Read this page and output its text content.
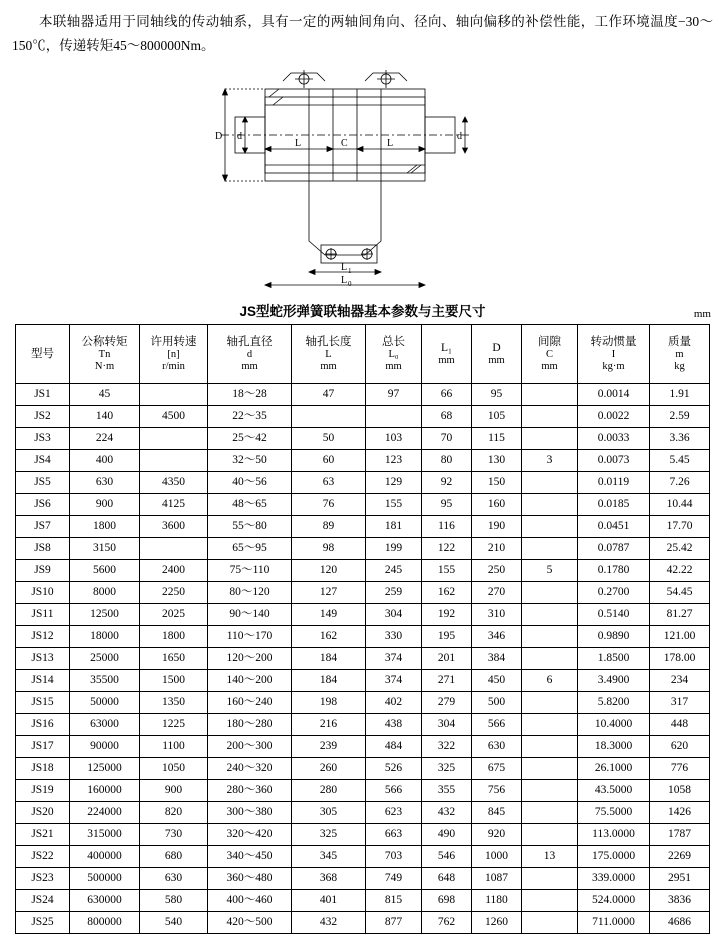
本联轴器适用于同轴线的传动轴系，具有一定的两轴间角向、径向、轴向偏移的补偿性能，工作环境温度−30～150℃，传递转矩45～800000Nm。
D d	d
L	C	L
L 1
L 0
JS型蛇形弹簧联轴器基本参数与主要尺寸	mm
型号	公称转矩
Tn
N·m	许用转速
[n]
r/min	轴孔直径
d
mm	轴孔长度
L
mm	总长
L₀
mm	L₁
mm	D
mm	间隙
C
mm	转动惯量
I
kg·m	质量
m
kg

JS1	45		18～28	47	97	66	95		0.0014	1.91
JS2	140	4500	22～35			68	105		0.0022	2.59
JS3	224		25～42	50	103	70	115		0.0033	3.36
JS4	400		32～50	60	123	80	130	3	0.0073	5.45
JS5	630	4350	40～56	63	129	92	150		0.0119	7.26
JS6	900	4125	48～65	76	155	95	160		0.0185	10.44
JS7	1800	3600	55～80	89	181	116	190		0.0451	17.70
JS8	3150		65～95	98	199	122	210		0.0787	25.42
JS9	5600	2400	75～110	120	245	155	250	5	0.1780	42.22
JS10	8000	2250	80～120	127	259	162	270		0.2700	54.45
JS11	12500	2025	90～140	149	304	192	310		0.5140	81.27
JS12	18000	1800	110～170	162	330	195	346		0.9890	121.00
JS13	25000	1650	120～200	184	374	201	384		1.8500	178.00
JS14	35500	1500	140～200	184	374	271	450	6	3.4900	234
JS15	50000	1350	160～240	198	402	279	500		5.8200	317
JS16	63000	1225	180～280	216	438	304	566		10.4000	448
JS17	90000	1100	200～300	239	484	322	630		18.3000	620
JS18	125000	1050	240～320	260	526	325	675		26.1000	776
JS19	160000	900	280～360	280	566	355	756		43.5000	1058
JS20	224000	820	300～380	305	623	432	845		75.5000	1426
JS21	315000	730	320～420	325	663	490	920		113.0000	1787
JS22	400000	680	340～450	345	703	546	1000	13	175.0000	2269
JS23	500000	630	360～480	368	749	648	1087		339.0000	2951
JS24	630000	580	400～460	401	815	698	1180		524.0000	3836
JS25	800000	540	420～500	432	877	762	1260		711.0000	4686
